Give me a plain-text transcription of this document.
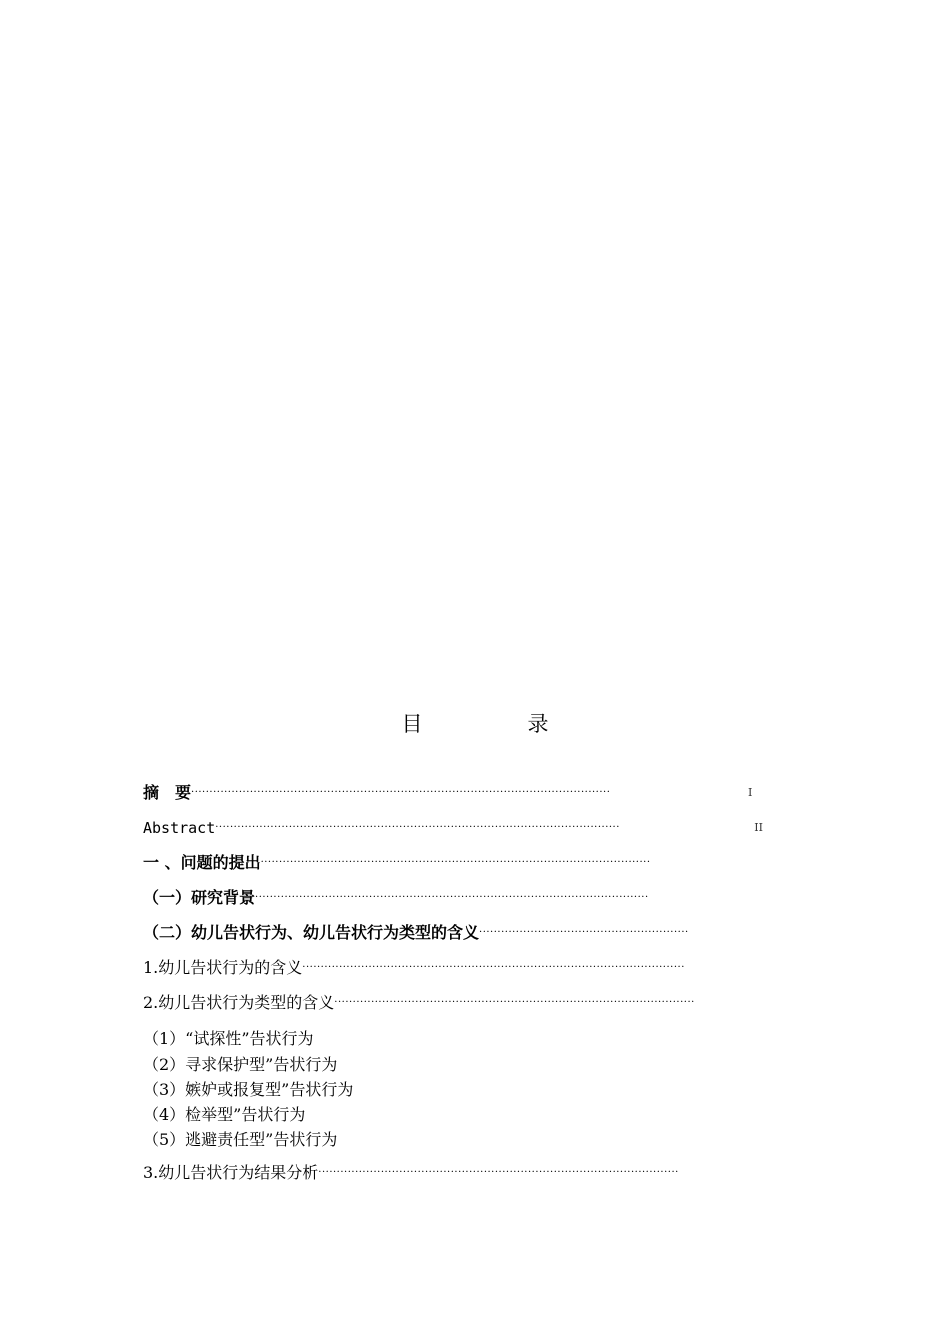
目　录
摘　要··················································································································	I
Abstract··············································································································	II
一 、问题的提出··········································································································
（一）研究背景···········································································································
（二）幼儿告状行为、幼儿告状行为类型的含义·························································
1.幼儿告状行为的含义········································································································
2.幼儿告状行为类型的含义··································································································
（1）“试探性”告状行为
（2）寻求保护型”告状行为
（3）嫉妒或报复型”告状行为
（4）检举型”告状行为
（5）逃避责任型”告状行为
3.幼儿告状行为结果分析··································································································
